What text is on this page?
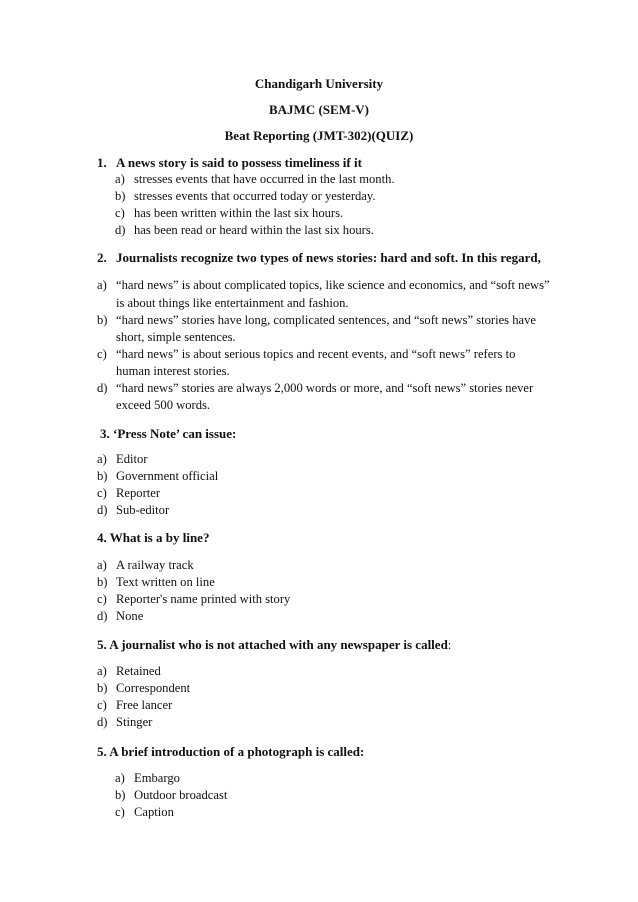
Chandigarh University
BAJMC (SEM-V)
Beat Reporting (JMT-302)(QUIZ)
1. A news story is said to possess timeliness if it
a) stresses events that have occurred in the last month.
b) stresses events that occurred today or yesterday.
c) has been written within the last six hours.
d) has been read or heard within the last six hours.
2. Journalists recognize two types of news stories: hard and soft. In this regard,
a) “hard news” is about complicated topics, like science and economics, and “soft news”
is about things like entertainment and fashion.
b) “hard news” stories have long, complicated sentences, and “soft news” stories have
short, simple sentences.
c) “hard news” is about serious topics and recent events, and “soft news” refers to
human interest stories.
d) “hard news” stories are always 2,000 words or more, and “soft news” stories never
exceed 500 words.
3. ‘Press Note’ can issue:
a) Editor
b) Government official
c) Reporter
d) Sub-editor
4. What is a by line?
a) A railway track
b) Text written on line
c) Reporter's name printed with story
d) None
5. A journalist who is not attached with any newspaper is called:
a) Retained
b) Correspondent
c) Free lancer
d) Stinger
5. A brief introduction of a photograph is called:
a) Embargo
b) Outdoor broadcast
c) Caption
